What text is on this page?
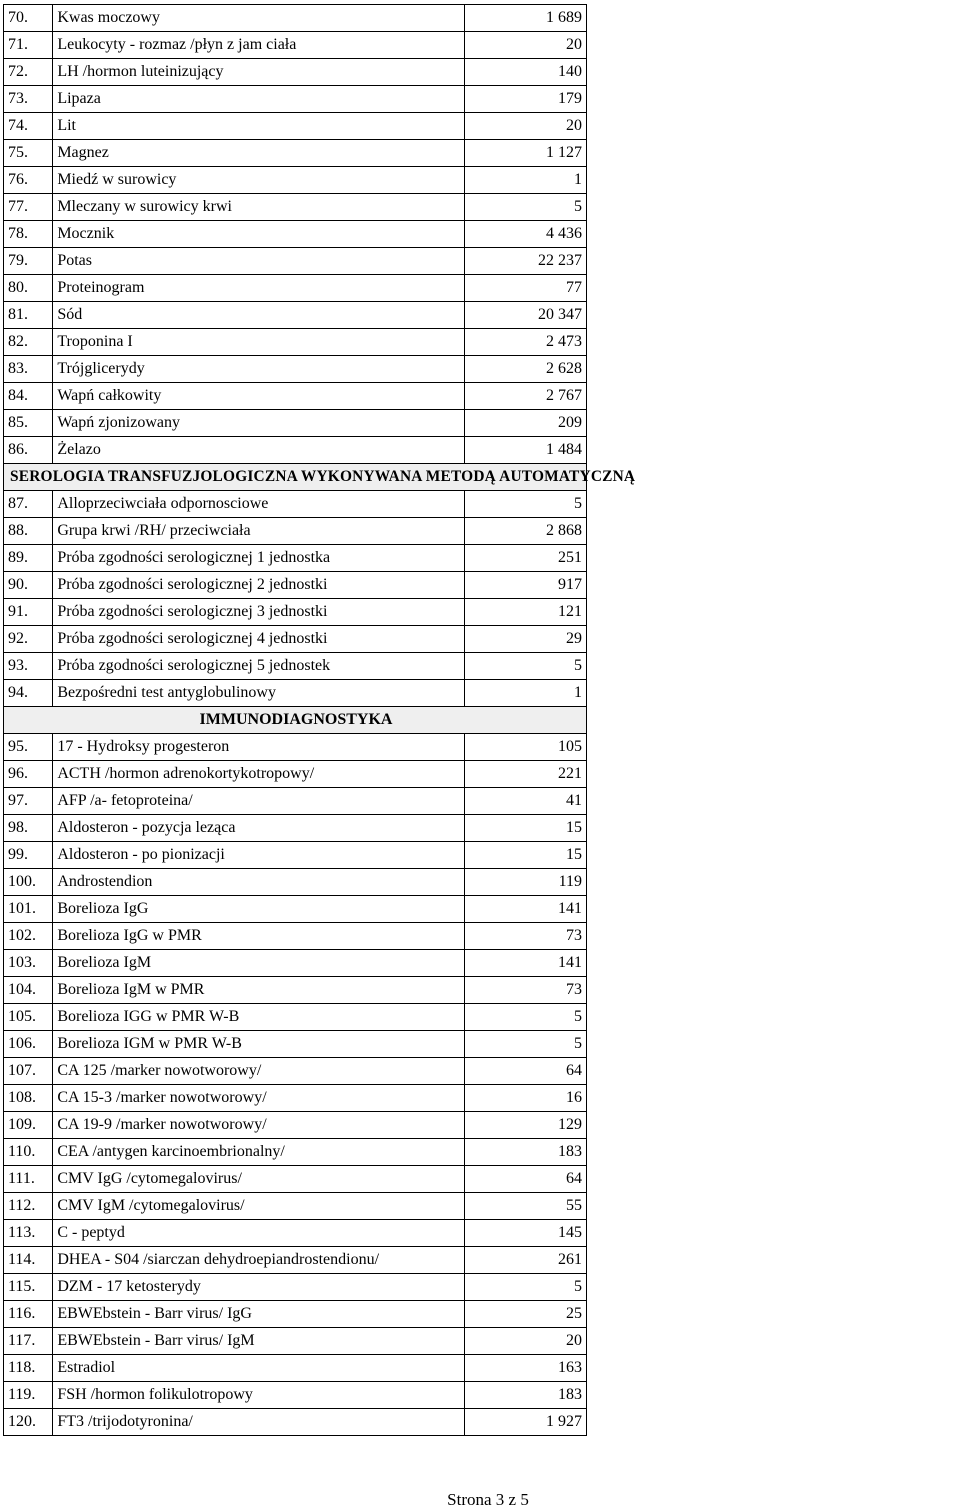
70.	Kwas moczowy	1 689
71.	Leukocyty - rozmaz /płyn z jam ciała	20
72.	LH /hormon luteinizujący	140
73.	Lipaza	179
74.	Lit	20
75.	Magnez	1 127
76.	Miedź w surowicy	1
77.	Mleczany w surowicy krwi	5
78.	Mocznik	4 436
79.	Potas	22 237
80.	Proteinogram	77
81.	Sód	20 347
82.	Troponina I	2 473
83.	Trójglicerydy	2 628
84.	Wapń całkowity	2 767
85.	Wapń zjonizowany	209
86.	Żelazo	1 484
SEROLOGIA TRANSFUZJOLOGICZNA WYKONYWANA METODĄ AUTOMATYCZNĄ		
87.	Alloprzeciwciała odpornosciowe	5
88.	Grupa krwi /RH/ przeciwciała	2 868
89.	Próba zgodności serologicznej 1 jednostka	251
90.	Próba zgodności serologicznej 2 jednostki	917
91.	Próba zgodności serologicznej 3 jednostki	121
92.	Próba zgodności serologicznej 4 jednostki	29
93.	Próba zgodności serologicznej 5 jednostek	5
94.	Bezpośredni test antyglobulinowy	1
IMMUNODIAGNOSTYKA		
95.	17 - Hydroksy progesteron	105
96.	ACTH /hormon adrenokortykotropowy/	221
97.	AFP /a- fetoproteina/	41
98.	Aldosteron - pozycja leząca	15
99.	Aldosteron - po pionizacji	15
100.	Androstendion	119
101.	Borelioza IgG	141
102.	Borelioza IgG w PMR	73
103.	Borelioza IgM	141
104.	Borelioza IgM w PMR	73
105.	Borelioza IGG w PMR W-B	5
106.	Borelioza IGM w PMR W-B	5
107.	CA 125 /marker nowotworowy/	64
108.	CA 15-3 /marker nowotworowy/	16
109.	CA 19-9 /marker nowotworowy/	129
110.	CEA /antygen karcinoembrionalny/	183
111.	CMV IgG /cytomegalovirus/	64
112.	CMV IgM /cytomegalovirus/	55
113.	C - peptyd	145
114.	DHEA - S04 /siarczan dehydroepiandrostendionu/	261
115.	DZM - 17 ketosterydy	5
116.	EBWEbstein - Barr virus/ IgG	25
117.	EBWEbstein - Barr virus/ IgM	20
118.	Estradiol	163
119.	FSH /hormon folikulotropowy	183
120.	FT3 /trijodotyronina/	1 927
Strona 3 z 5
